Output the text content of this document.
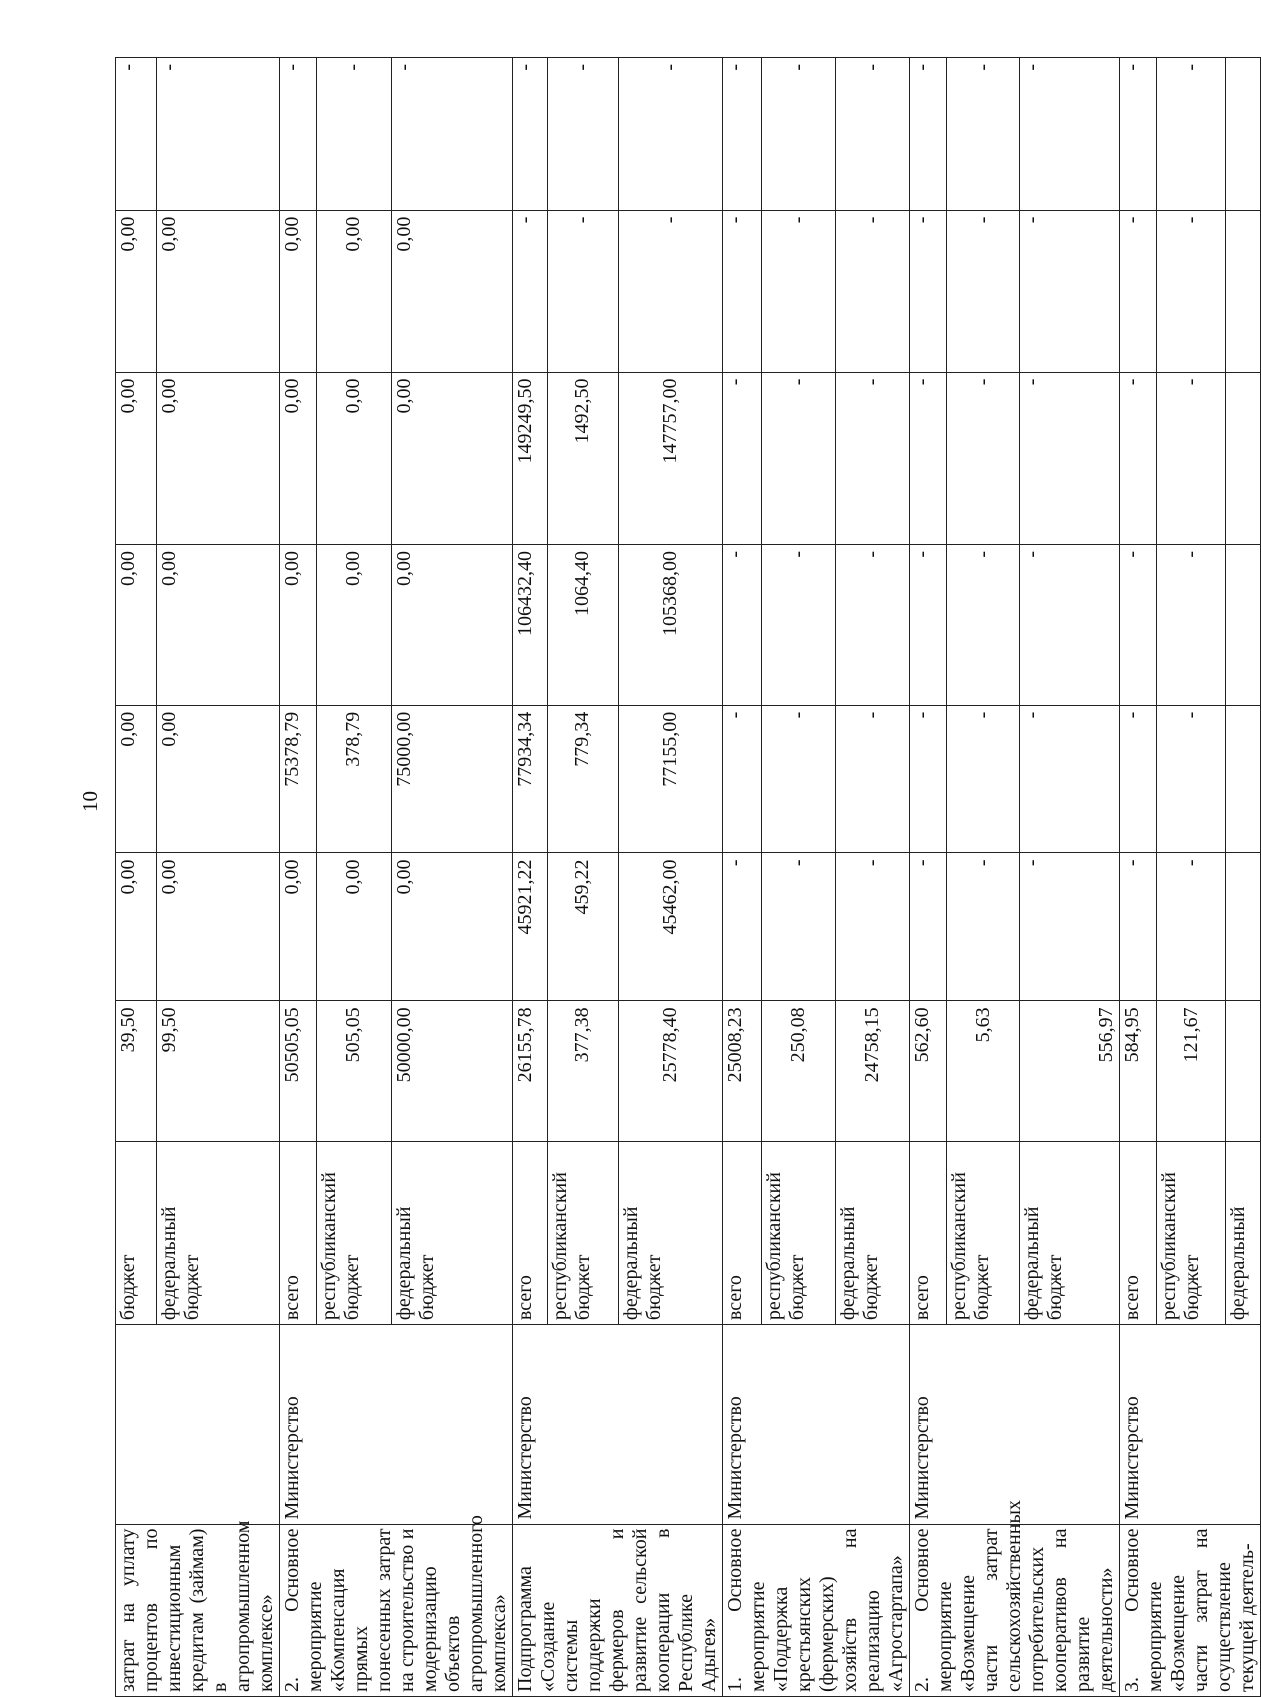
10
затрат на уплату процентов по инвестиционным кредитам (займам) в агропромышленном комплексе»		бюджет	39,50	0,00	0,00	0,00	0,00	0,00	-
		федеральный бюджет	99,50	0,00	0,00	0,00	0,00	0,00	-
2. Основное мероприятие «Компенсация прямых понесенных затрат на строительство и модернизацию объектов агропромышленного комплекса»	Министерство	всего	50505,05	0,00	75378,79	0,00	0,00	0,00	-
		республиканский бюджет	505,05	0,00	378,79	0,00	0,00	0,00	-
		федеральный бюджет	50000,00	0,00	75000,00	0,00	0,00	0,00	-
Подпрограмма «Создание системы поддержки фермеров и развитие сельской кооперации в Республике Адыгея»	Министерство	всего	26155,78	45921,22	77934,34	106432,40	149249,50	-	-
		республиканский бюджет	377,38	459,22	779,34	1064,40	1492,50	-	-
		федеральный бюджет	25778,40	45462,00	77155,00	105368,00	147757,00	-	-
1. Основное мероприятие «Поддержка крестьянских (фермерских) хозяйств на реализацию «Агростартапа»	Министерство	всего	25008,23	-	-	-	-	-	-
		республиканский бюджет	250,08	-	-	-	-	-	-
		федеральный бюджет	24758,15	-	-	-	-	-	-
2. Основное мероприятие «Возмещение части затрат сельскохозяйственных потребительских кооперативов на развитие деятельности»	Министерство	всего	562,60	-	-	-	-	-	-
		республиканский бюджет	5,63	-	-	-	-	-	-
		федеральный бюджет	556,97	-	-	-	-	-	-
3. Основное мероприятие «Возмещение части затрат на осуществление текущей деятель-	Министерство	всего	584,95	-	-	-	-	-	-
		республиканский бюджет	121,67	-	-	-	-	-	-
		федеральный							
